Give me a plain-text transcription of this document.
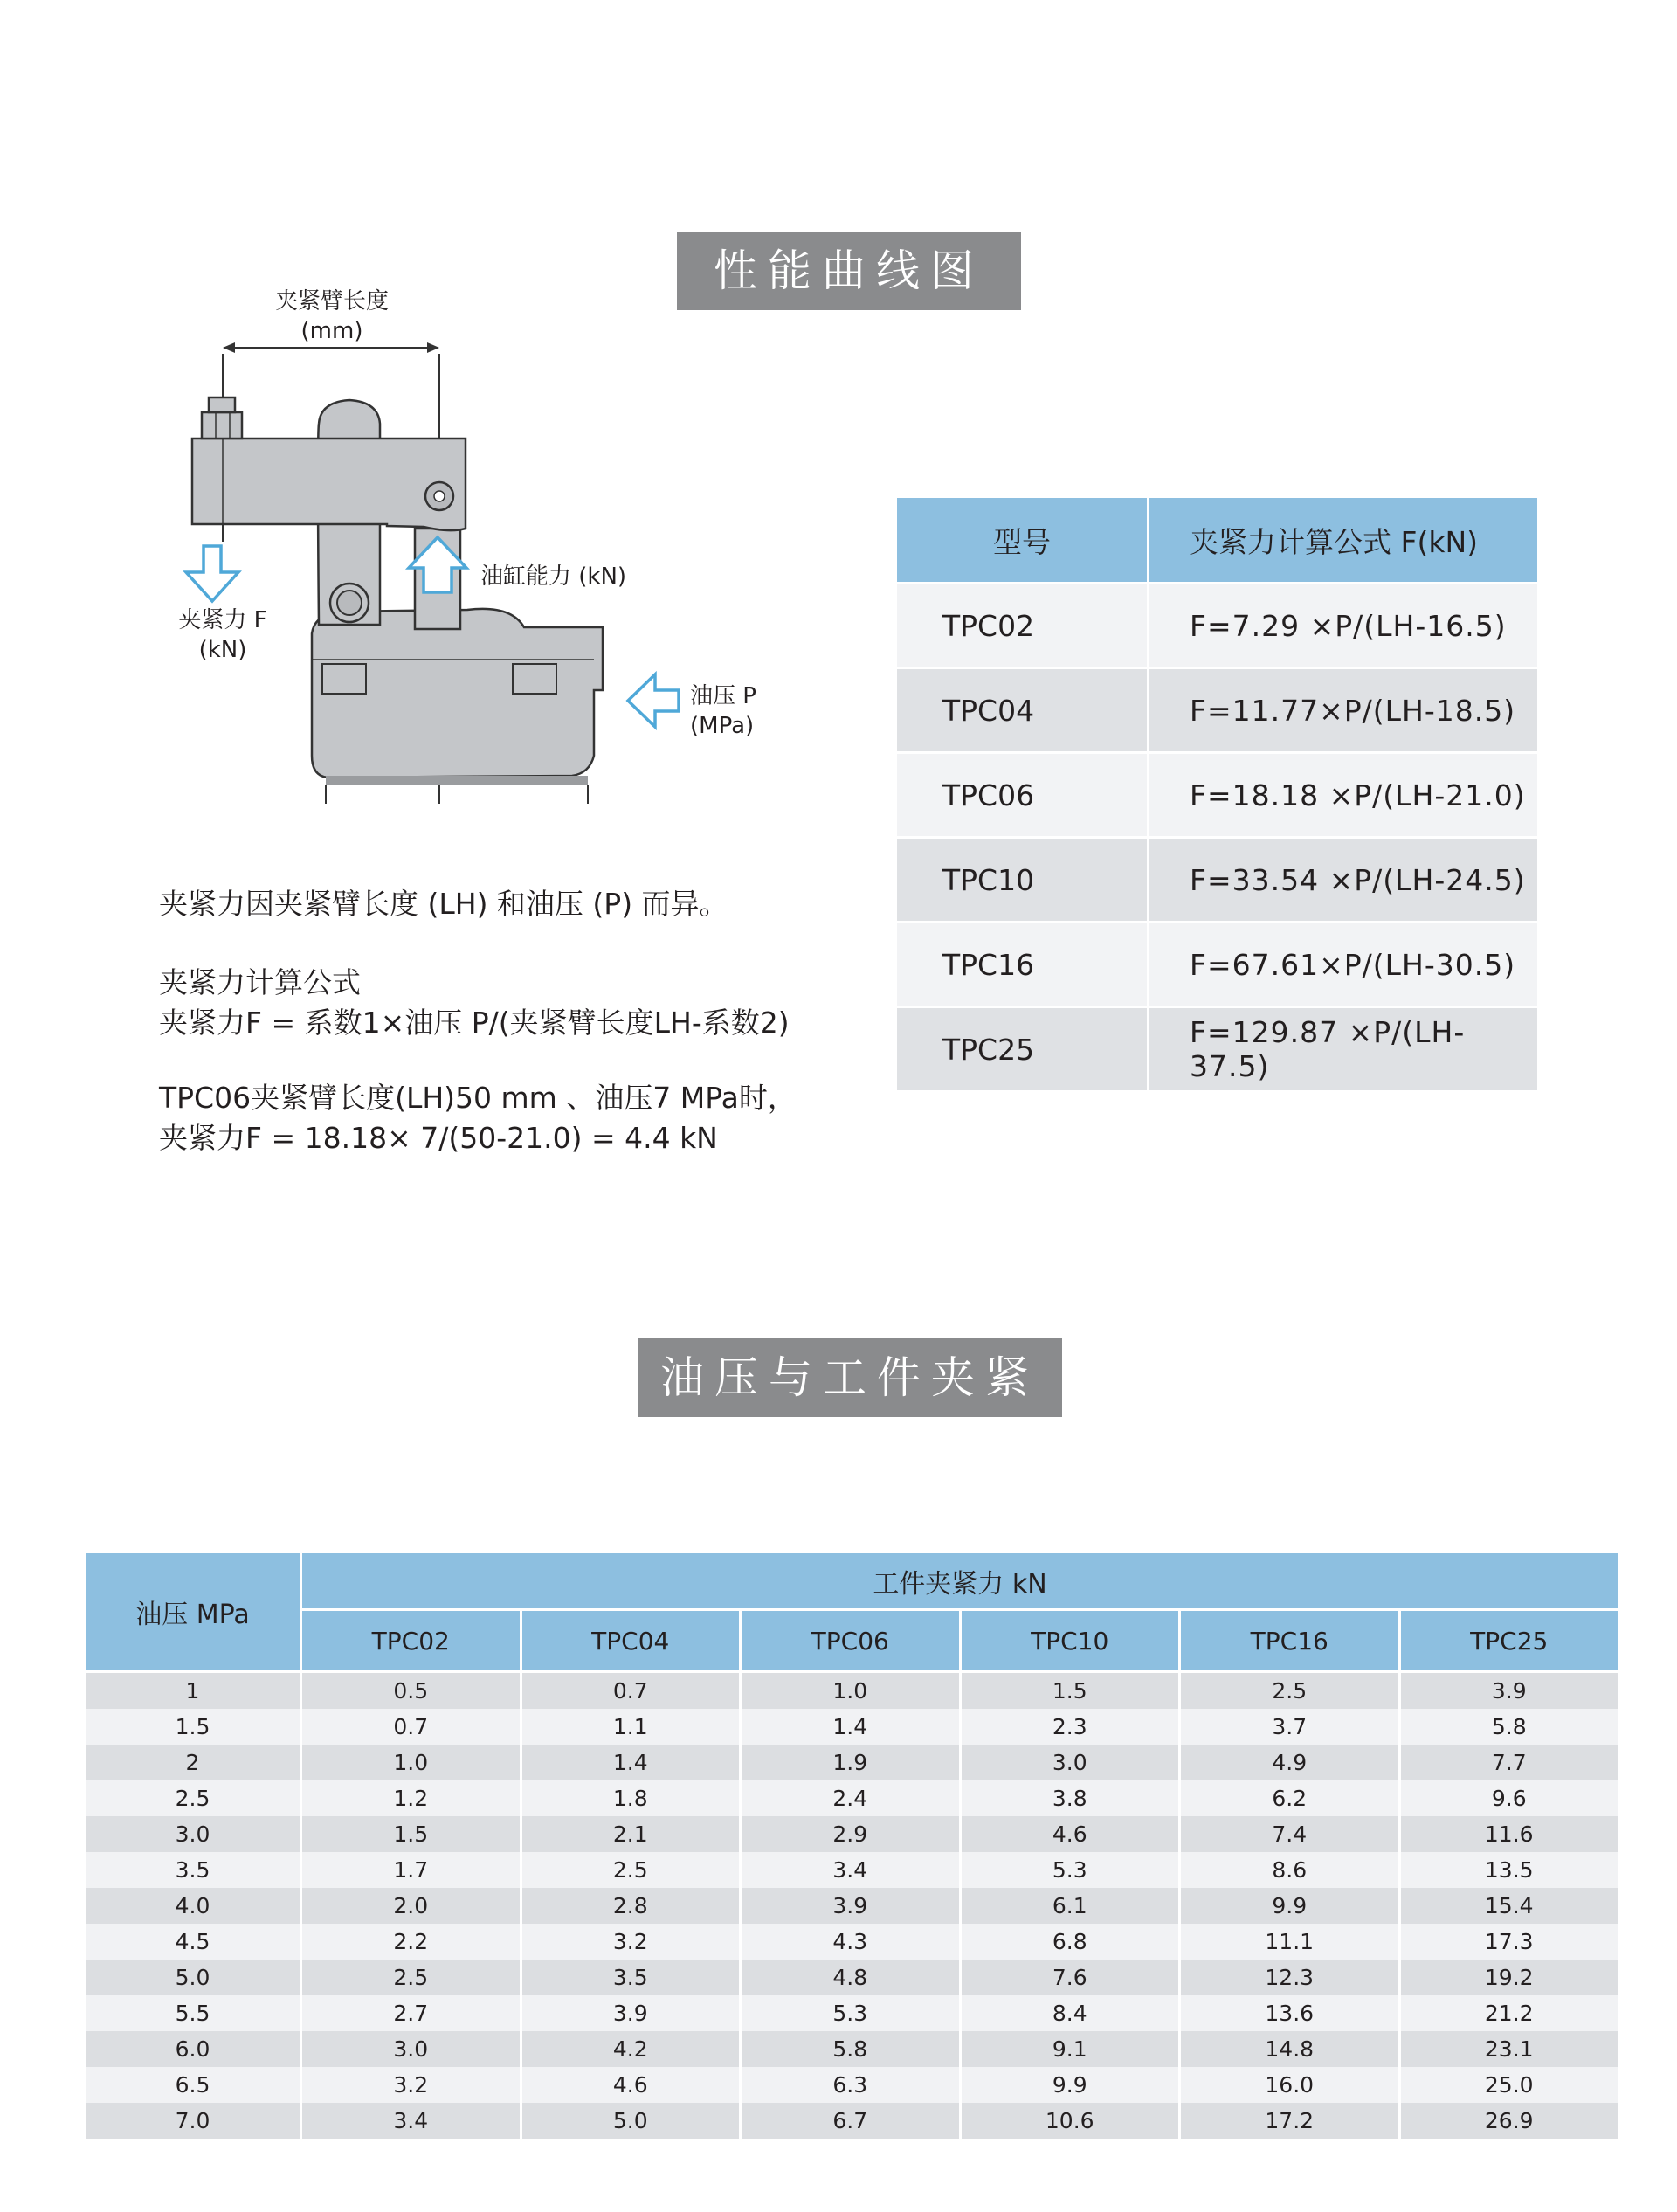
性能曲线图
油压与工件夹紧力
夹紧臂长度
(mm)
油缸能力 (kN)
夹紧力 F
(kN)
油压 P
(MPa)
夹紧力因夹紧臂长度 (LH) 和油压 (P) 而异。
夹紧力计算公式
夹紧力F = 系数1×油压 P/(夹紧臂长度LH-系数2)
TPC06夹紧臂长度(LH)50 mm 、油压7 MPa时，
夹紧力F = 18.18× 7/(50-21.0) = 4.4 kN
型号	夹紧力计算公式 F(kN)
TPC02	F=7.29 ×P/(LH-16.5)
TPC04	F=11.77×P/(LH-18.5)
TPC06	F=18.18 ×P/(LH-21.0)
TPC10	F=33.54 ×P/(LH-24.5)
TPC16	F=67.61×P/(LH-30.5)
TPC25	F=129.87 ×P/(LH-37.5)
油压 MPa	工件夹紧力 kN					
	TPC02	TPC04	TPC06	TPC10	TPC16	TPC25
1	0.5	0.7	1.0	1.5	2.5	3.9
1.5	0.7	1.1	1.4	2.3	3.7	5.8
2	1.0	1.4	1.9	3.0	4.9	7.7
2.5	1.2	1.8	2.4	3.8	6.2	9.6
3.0	1.5	2.1	2.9	4.6	7.4	11.6
3.5	1.7	2.5	3.4	5.3	8.6	13.5
4.0	2.0	2.8	3.9	6.1	9.9	15.4
4.5	2.2	3.2	4.3	6.8	11.1	17.3
5.0	2.5	3.5	4.8	7.6	12.3	19.2
5.5	2.7	3.9	5.3	8.4	13.6	21.2
6.0	3.0	4.2	5.8	9.1	14.8	23.1
6.5	3.2	4.6	6.3	9.9	16.0	25.0
7.0	3.4	5.0	6.7	10.6	17.2	26.9
